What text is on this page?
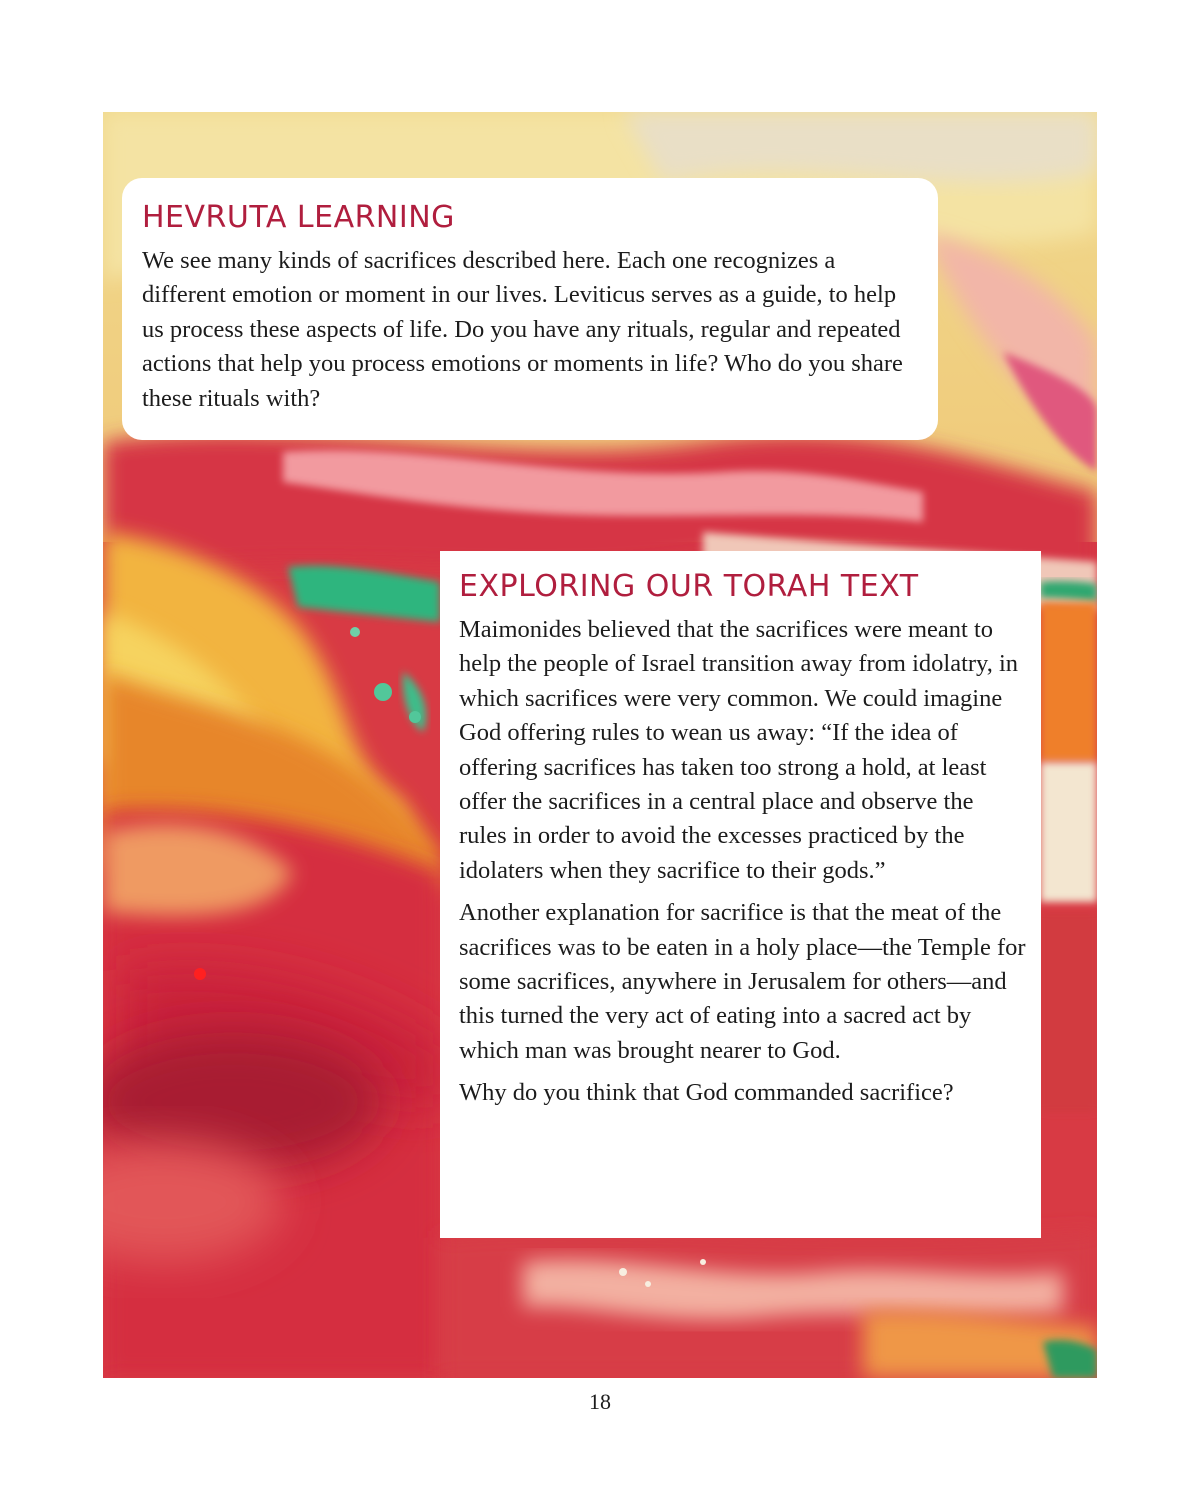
HEVRUTA LEARNING

We see many kinds of sacrifices described here. Each one recognizes a different emotion or moment in our lives. Leviticus serves as a guide, to help us process these aspects of life. Do you have any rituals, regular and repeated actions that help you process emotions or moments in life? Who do you share these rituals with?

EXPLORING OUR TORAH TEXT

Maimonides believed that the sacrifices were meant to help the people of Israel transition away from idolatry, in which sacrifices were very common. We could imagine God offering rules to wean us away: “If the idea of offering sacrifices has taken too strong a hold, at least offer the sacrifices in a central place and observe the rules in order to avoid the excesses practiced by the idolaters when they sacrifice to their gods.”

Another explanation for sacrifice is that the meat of the sacrifices was to be eaten in a holy place—the Temple for some sacrifices, anywhere in Jerusalem for others—and this turned the very act of eating into a sacred act by which man was brought nearer to God.

Why do you think that God commanded sacrifice?

18
